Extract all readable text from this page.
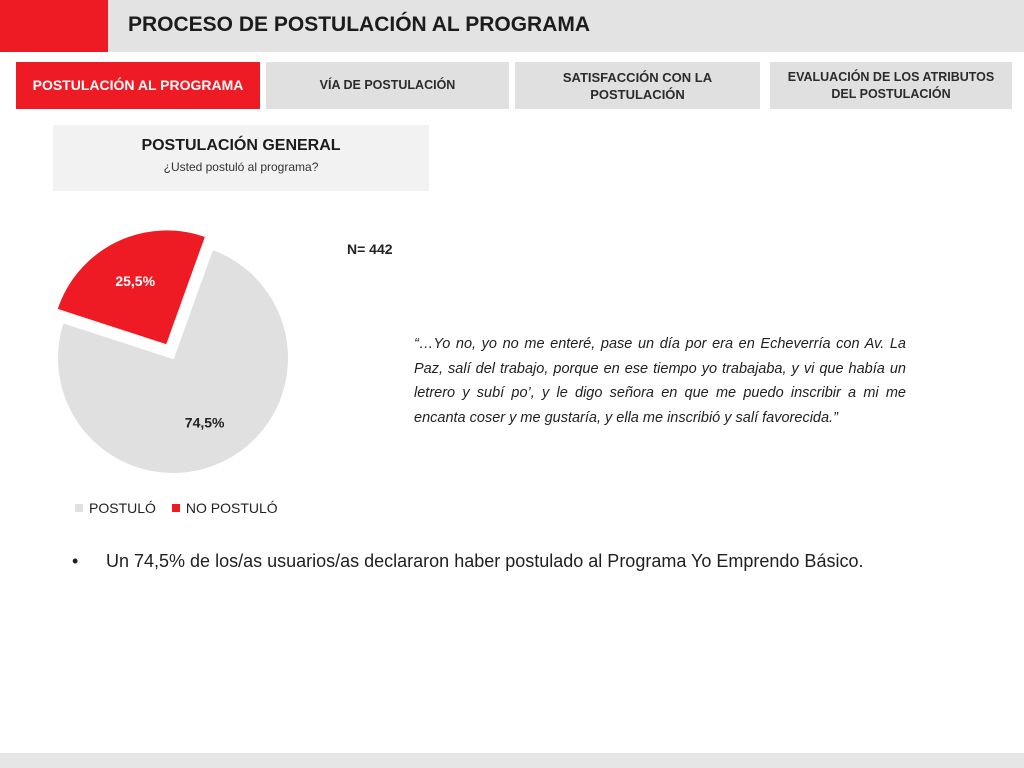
PROCESO DE POSTULACIÓN AL PROGRAMA
POSTULACIÓN AL PROGRAMA	VÍA DE POSTULACIÓN
SATISFACCIÓN CON LA POSTULACIÓN
EVALUACIÓN DE LOS ATRIBUTOS DEL POSTULACIÓN
POSTULACIÓN GENERAL
¿Usted postuló al programa?
N= 442
25,5%
74,5%
POSTULÓ NO POSTULÓ
“…Yo no, yo no me enteré, pase un día por era en Echeverría con Av. La Paz, salí del trabajo, porque en ese tiempo yo trabajaba, y vi que había un letrero y subí po’, y le digo señora en que me puedo inscribir a mi me encanta coser y me gustaría, y ella me inscribió y salí favorecida.”
•	Un 74,5% de los/as usuarios/as declararon haber postulado al Programa Yo Emprendo Básico.
